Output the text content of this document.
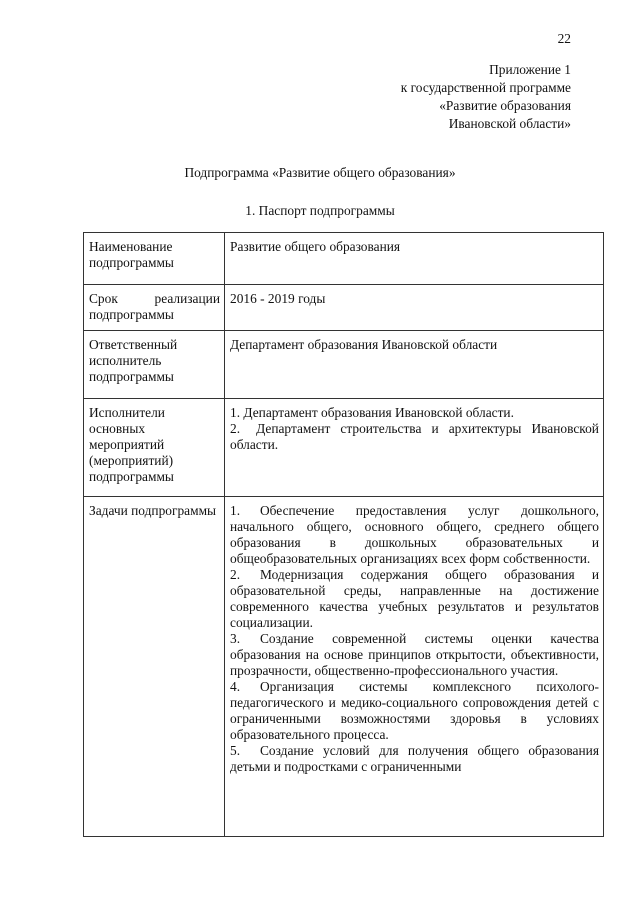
22
Приложение 1
к государственной программе
«Развитие образования
Ивановской области»
Подпрограмма «Развитие общего образования»
1. Паспорт подпрограммы
Наименование подпрограммы	Развитие общего образования

Срок реализации
подпрограммы	2016 - 2019 годы
Ответственный исполнитель подпрограммы	Департамент образования Ивановской области
Исполнители основных мероприятий (мероприятий) подпрограммы	1. Департамент образования Ивановской области.

2. Департамент строительства и архитектуры Ивановской области.

Задачи подпрограммы	1. Обеспечение предоставления услуг дошкольного, начального общего, основного общего, среднего общего образования в дошкольных образовательных и общеобразовательных организациях всех форм собственности.

2. Модернизация содержания общего образования и образовательной среды, направленные на достижение современного качества учебных результатов и результатов социализации.

3. Создание современной системы оценки качества образования на основе принципов открытости, объективности, прозрачности, общественно-профессионального участия.

4. Организация системы комплексного психолого-педагогического и медико-социального сопровождения детей с ограниченными возможностями здоровья в условиях образовательного процесса.

5. Создание условий для получения общего образования детьми и подростками с ограниченными
